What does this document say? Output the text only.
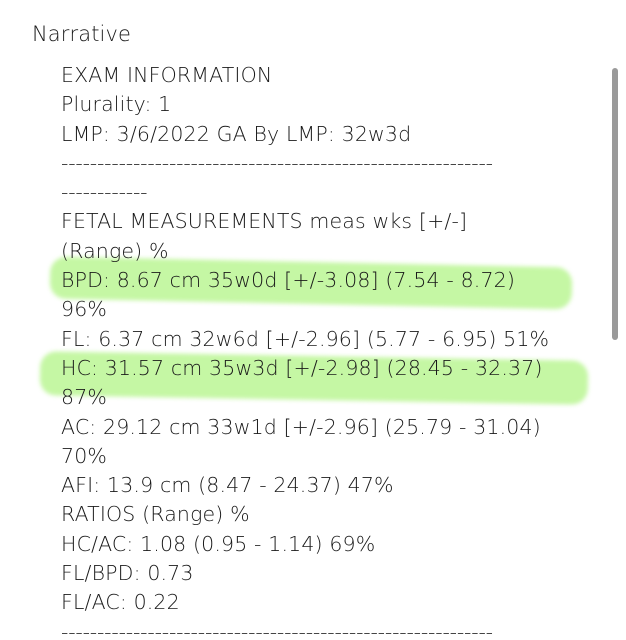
Narrative
EXAM INFORMATION
Plurality: 1
LMP: 3/6/2022 GA By LMP: 32w3d
------------------------------------------------------------
------------
FETAL MEASUREMENTS meas wks [+/-]
(Range) %
BPD: 8.67 cm 35w0d [+/-3.08] (7.54 - 8.72)
96%
FL: 6.37 cm 32w6d [+/-2.96] (5.77 - 6.95) 51%
HC: 31.57 cm 35w3d [+/-2.98] (28.45 - 32.37)
87%
AC: 29.12 cm 33w1d [+/-2.96] (25.79 - 31.04)
70%
AFI: 13.9 cm (8.47 - 24.37) 47%
RATIOS (Range) %
HC/AC: 1.08 (0.95 - 1.14) 69%
FL/BPD: 0.73
FL/AC: 0.22
------------------------------------------------------------
